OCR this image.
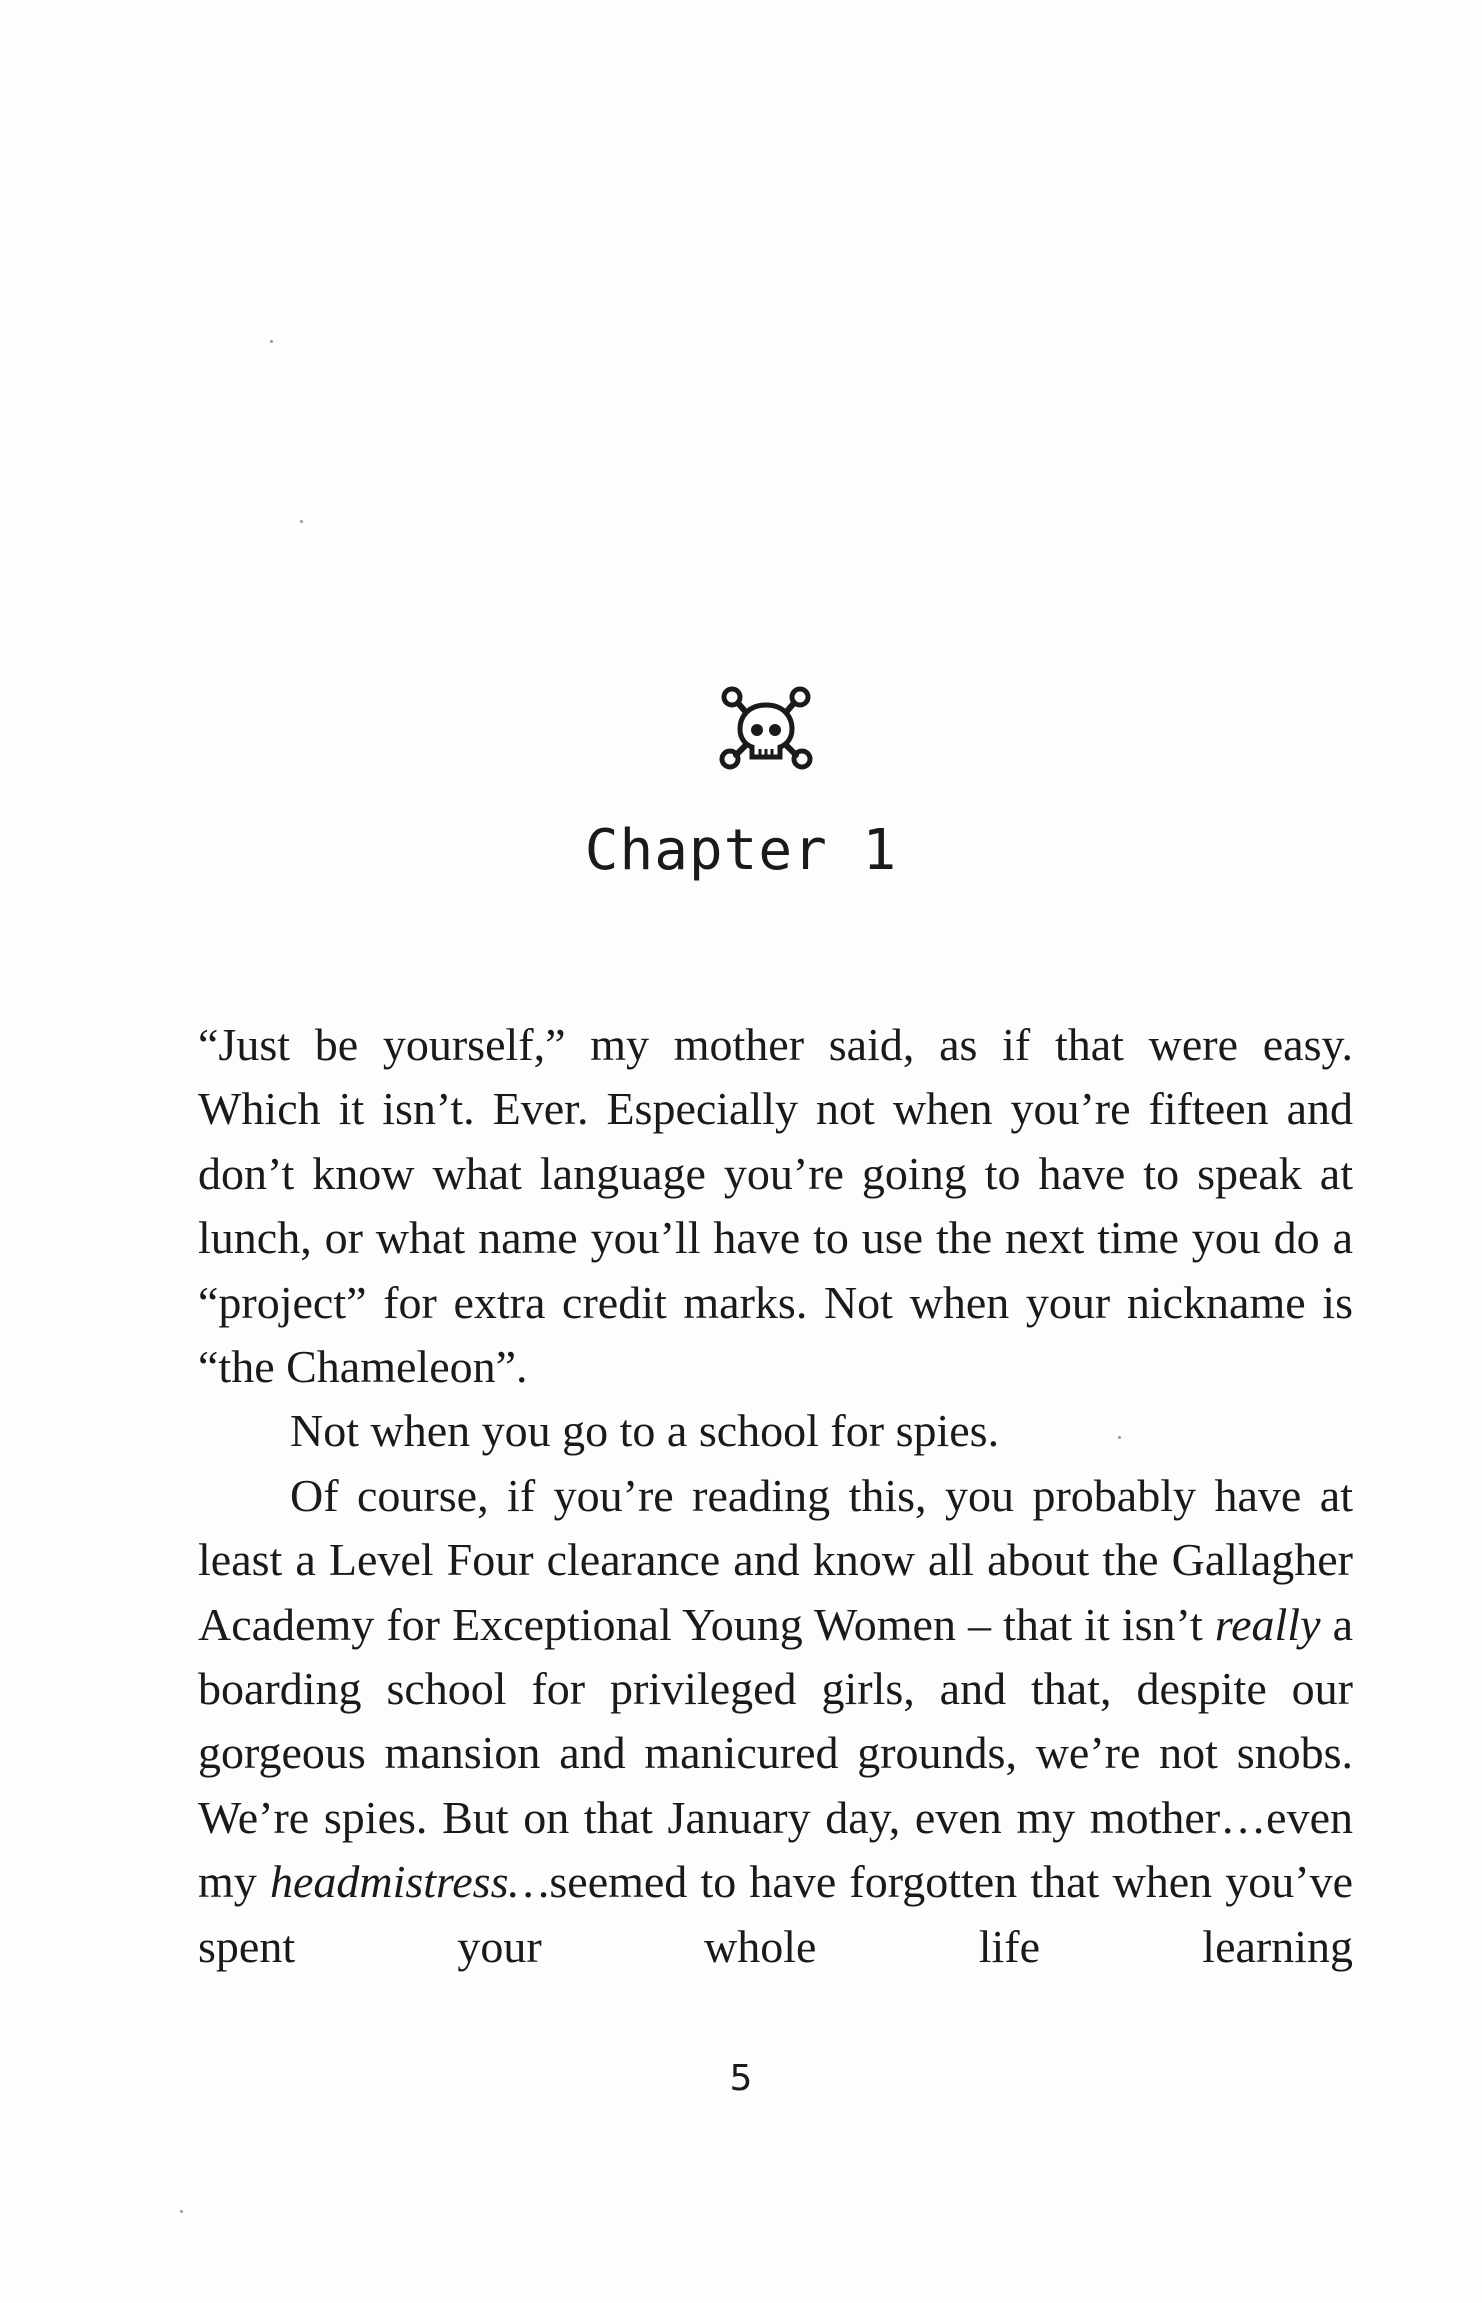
Chapter 1

“Just be yourself,” my mother said, as if that were easy. Which it isn’t. Ever. Especially not when you’re fifteen and don’t know what language you’re going to have to speak at lunch, or what name you’ll have to use the next time you do a “project” for extra credit marks. Not when your nickname is “the Chameleon”.

Not when you go to a school for spies.

Of course, if you’re reading this, you probably have at least a Level Four clearance and know all about the Gallagher Academy for Exceptional Young Women – that it isn’t really a boarding school for privileged girls, and that, despite our gorgeous mansion and manicured grounds, we’re not snobs. We’re spies. But on that January day, even my mother…even my headmistress…seemed to have forgotten that when you’ve spent your whole life learning

5
